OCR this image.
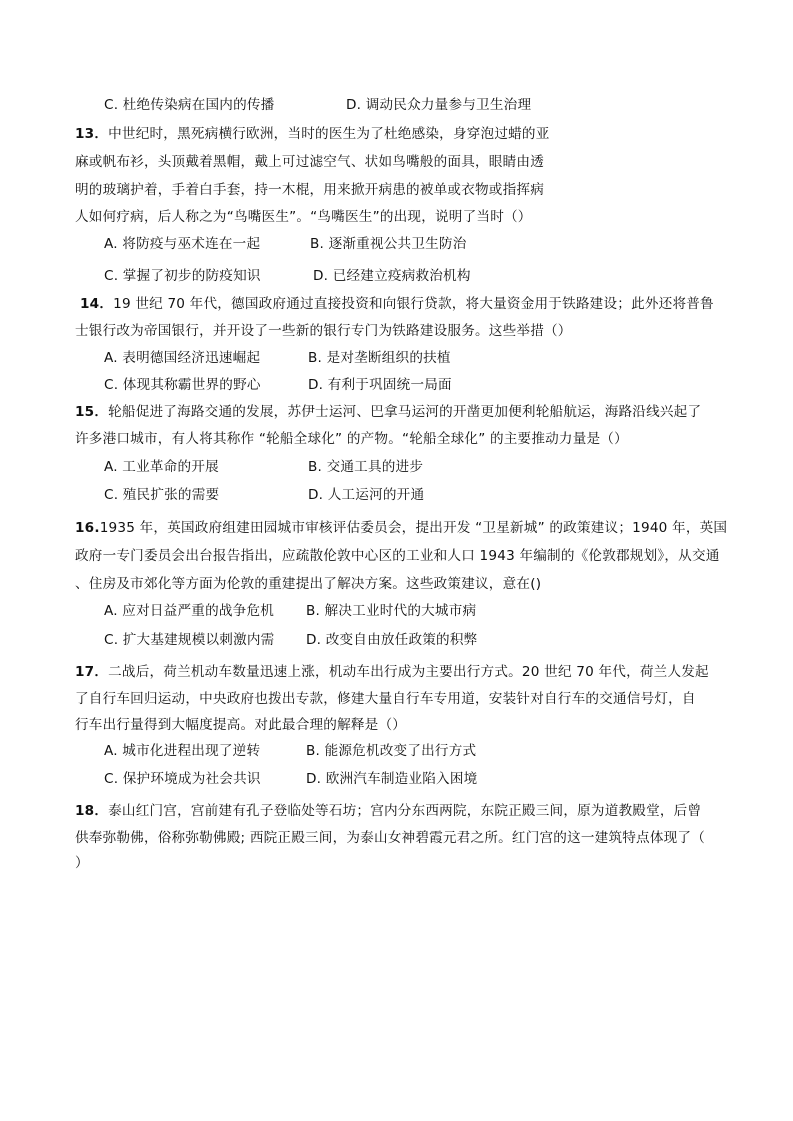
C. 杜绝传染病在国内的传播	D. 调动民众力量参与卫生治理
13．中世纪时，黑死病横行欧洲，当时的医生为了杜绝感染，身穿泡过蜡的亚
麻或帆布衫，头顶戴着黑帽，戴上可过滤空气、状如鸟嘴般的面具，眼睛由透
明的玻璃护着，手着白手套，持一木棍，用来掀开病患的被单或衣物或指挥病
人如何疗病，后人称之为“鸟嘴医生”。“鸟嘴医生”的出现，说明了当时（）
A. 将防疫与巫术连在一起	B. 逐渐重视公共卫生防治
C. 掌握了初步的防疫知识	D. 已经建立疫病救治机构
14．19 世纪 70 年代，德国政府通过直接投资和向银行贷款，将大量资金用于铁路建设；此外还将普鲁
士银行改为帝国银行，并开设了一些新的银行专门为铁路建设服务。这些举措（）
A. 表明德国经济迅速崛起	B. 是对垄断组织的扶植
C. 体现其称霸世界的野心	D. 有利于巩固统一局面
15．轮船促进了海路交通的发展，苏伊士运河、巴拿马运河的开凿更加便利轮船航运，海路沿线兴起了
许多港口城市，有人将其称作 “轮船全球化” 的产物。“轮船全球化” 的主要推动力量是（）
A. 工业革命的开展	B. 交通工具的进步
C. 殖民扩张的需要	D. 人工运河的开通
16.1935 年，英国政府组建田园城市审核评估委员会，提出开发 “卫星新城” 的政策建议；1940 年，英国
政府一专门委员会出台报告指出，应疏散伦敦中心区的工业和人口 1943 年编制的《伦敦郡规划》，从交通
、住房及市郊化等方面为伦敦的重建提出了解决方案。这些政策建议，意在()
A. 应对日益严重的战争危机 B. 解决工业时代的大城市病
C. 扩大基建规模以刺激内需 D. 改变自由放任政策的积弊
17．二战后，荷兰机动车数量迅速上涨，机动车出行成为主要出行方式。20 世纪 70 年代，荷兰人发起
了自行车回归运动，中央政府也拨出专款，修建大量自行车专用道，安装针对自行车的交通信号灯，自
行车出行量得到大幅度提高。对此最合理的解释是（）
A. 城市化进程出现了逆转	B. 能源危机改变了出行方式
C. 保护环境成为社会共识	D. 欧洲汽车制造业陷入困境
18．泰山红门宫，宫前建有孔子登临处等石坊；宫内分东西两院，东院正殿三间，原为道教殿堂，后曾
供奉弥勒佛，俗称弥勒佛殿; 西院正殿三间，为泰山女神碧霞元君之所。红门宫的这一建筑特点体现了（
）
